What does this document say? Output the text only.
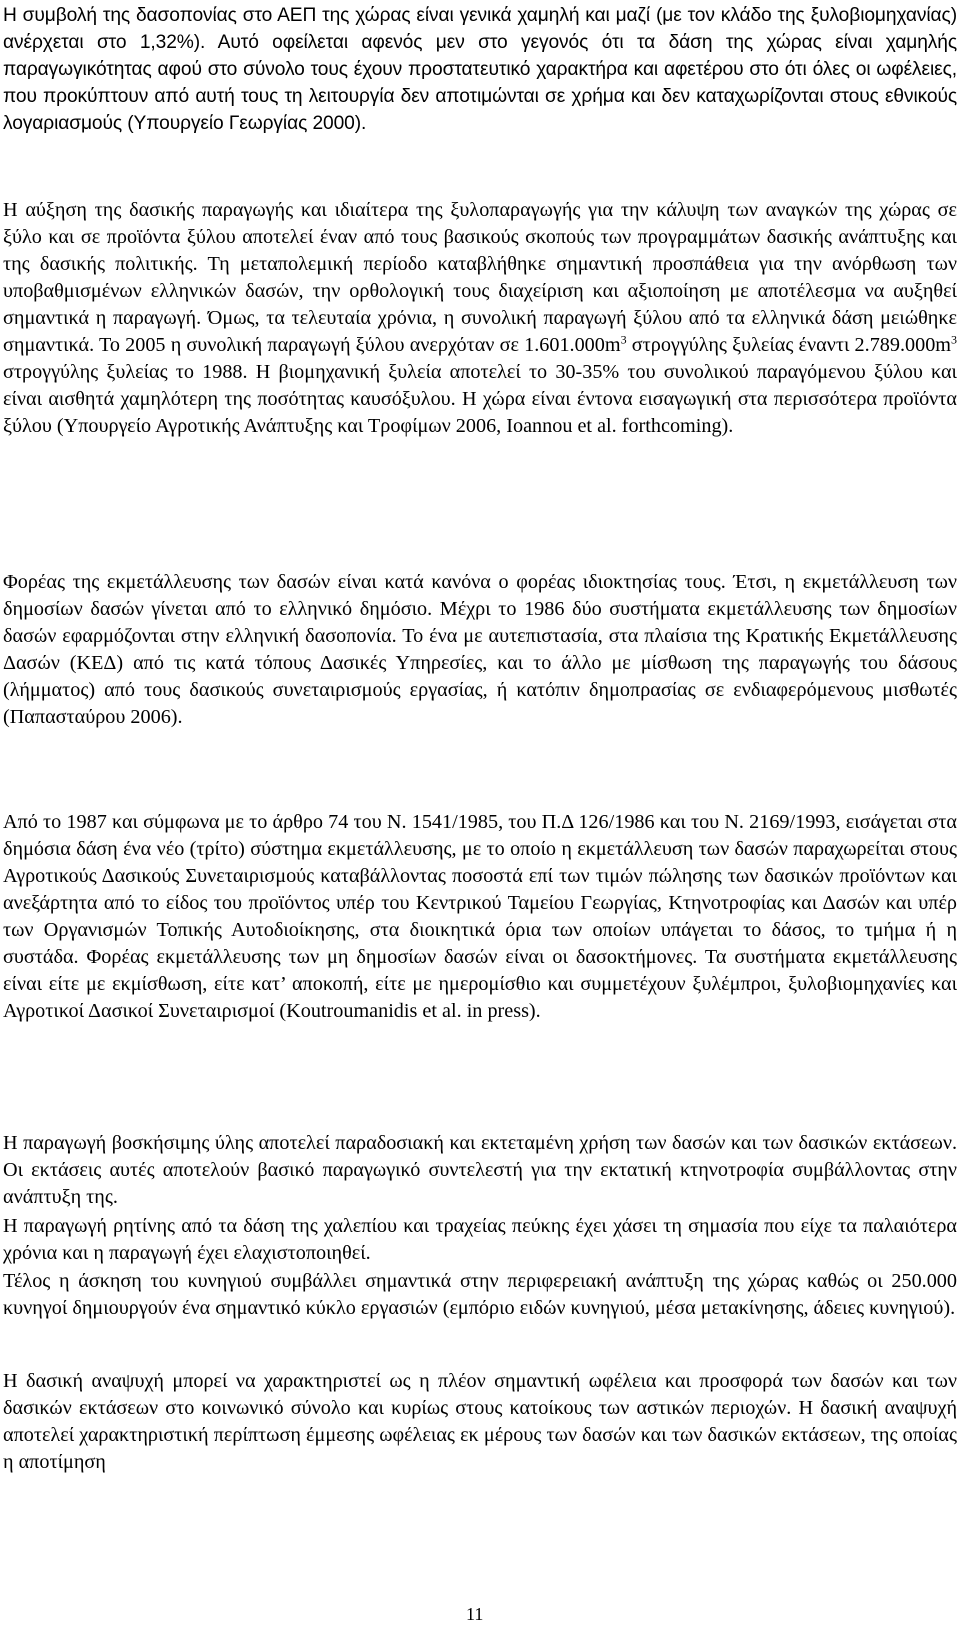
Η συμβολή της δασοπονίας στο ΑΕΠ της χώρας είναι γενικά χαμηλή και μαζί (με τον κλάδο της ξυλοβιομηχανίας) ανέρχεται στο 1,32%). Αυτό οφείλεται αφενός μεν στο γεγονός ότι τα δάση της χώρας είναι χαμηλής παραγωγικότητας αφού στο σύνολο τους έχουν προστατευτικό χαρακτήρα και αφετέρου στο ότι όλες οι ωφέλειες, που προκύπτουν από αυτή τους τη λειτουργία δεν αποτιμώνται σε χρήμα και δεν καταχωρίζονται στους εθνικούς λογαριασμούς (Υπουργείο Γεωργίας 2000).

Η αύξηση της δασικής παραγωγής και ιδιαίτερα της ξυλοπαραγωγής για την κάλυψη των αναγκών της χώρας σε ξύλο και σε προϊόντα ξύλου αποτελεί έναν από τους βασικούς σκοπούς των προγραμμάτων δασικής ανάπτυξης και της δασικής πολιτικής. Τη μεταπολεμική περίοδο καταβλήθηκε σημαντική προσπάθεια για την ανόρθωση των υποβαθμισμένων ελληνικών δασών, την ορθολογική τους διαχείριση και αξιοποίηση με αποτέλεσμα να αυξηθεί σημαντικά η παραγωγή. Όμως, τα τελευταία χρόνια, η συνολική παραγωγή ξύλου από τα ελληνικά δάση μειώθηκε σημαντικά. Το 2005 η συνολική παραγωγή ξύλου ανερχόταν σε $1.601.000m^3$ στρογγύλης ξυλείας έναντι $2.789.000m^3$ στρογγύλης ξυλείας το 1988. Η βιομηχανική ξυλεία αποτελεί το 30-35% του συνολικού παραγόμενου ξύλου και είναι αισθητά χαμηλότερη της ποσότητας καυσόξυλου. Η χώρα είναι έντονα εισαγωγική στα περισσότερα προϊόντα ξύλου (Υπουργείο Αγροτικής Ανάπτυξης και Τροφίμων 2006, Ioannou et al. forthcoming).

Φορέας της εκμετάλλευσης των δασών είναι κατά κανόνα ο φορέας ιδιοκτησίας τους. Έτσι, η εκμετάλλευση των δημοσίων δασών γίνεται από το ελληνικό δημόσιο. Μέχρι το 1986 δύο συστήματα εκμετάλλευσης των δημοσίων δασών εφαρμόζονται στην ελληνική δασοπονία. Το ένα με αυτεπιστασία, στα πλαίσια της Κρατικής Εκμετάλλευσης Δασών (ΚΕΔ) από τις κατά τόπους Δασικές Υπηρεσίες, και το άλλο με μίσθωση της παραγωγής του δάσους (λήμματος) από τους δασικούς συνεταιρισμούς εργασίας, ή κατόπιν δημοπρασίας σε ενδιαφερόμενους μισθωτές (Παπασταύρου 2006).

Από το 1987 και σύμφωνα με το άρθρο 74 του Ν. 1541/1985, του Π.Δ 126/1986 και του Ν. 2169/1993, εισάγεται στα δημόσια δάση ένα νέο (τρίτο) σύστημα εκμετάλλευσης, με το οποίο η εκμετάλλευση των δασών παραχωρείται στους Αγροτικούς Δασικούς Συνεταιρισμούς καταβάλλοντας ποσοστά επί των τιμών πώλησης των δασικών προϊόντων και ανεξάρτητα από το είδος του προϊόντος υπέρ του Κεντρικού Ταμείου Γεωργίας, Κτηνοτροφίας και Δασών και υπέρ των Οργανισμών Τοπικής Αυτοδιοίκησης, στα διοικητικά όρια των οποίων υπάγεται το δάσος, το τμήμα ή η συστάδα. Φορέας εκμετάλλευσης των μη δημοσίων δασών είναι οι δασοκτήμονες. Τα συστήματα εκμετάλλευσης είναι είτε με εκμίσθωση, είτε κατ’ αποκοπή, είτε με ημερομίσθιο και συμμετέχουν ξυλέμπροι, ξυλοβιομηχανίες και Αγροτικοί Δασικοί Συνεταιρισμοί (Koutroumanidis et al. in press).

Η παραγωγή βοσκήσιμης ύλης αποτελεί παραδοσιακή και εκτεταμένη χρήση των δασών και των δασικών εκτάσεων. Οι εκτάσεις αυτές αποτελούν βασικό παραγωγικό συντελεστή για την εκτατική κτηνοτροφία συμβάλλοντας στην ανάπτυξη της.

Η παραγωγή ρητίνης από τα δάση της χαλεπίου και τραχείας πεύκης έχει χάσει τη σημασία που είχε τα παλαιότερα χρόνια και η παραγωγή έχει ελαχιστοποιηθεί.

Τέλος η άσκηση του κυνηγιού συμβάλλει σημαντικά στην περιφερειακή ανάπτυξη της χώρας καθώς οι 250.000 κυνηγοί δημιουργούν ένα σημαντικό κύκλο εργασιών (εμπόριο ειδών κυνηγιού, μέσα μετακίνησης, άδειες κυνηγιού).

Η δασική αναψυχή μπορεί να χαρακτηριστεί ως η πλέον σημαντική ωφέλεια και προσφορά των δασών και των δασικών εκτάσεων στο κοινωνικό σύνολο και κυρίως στους κατοίκους των αστικών περιοχών. Η δασική αναψυχή αποτελεί χαρακτηριστική περίπτωση έμμεσης ωφέλειας εκ μέρους των δασών και των δασικών εκτάσεων, της οποίας η αποτίμηση

11
